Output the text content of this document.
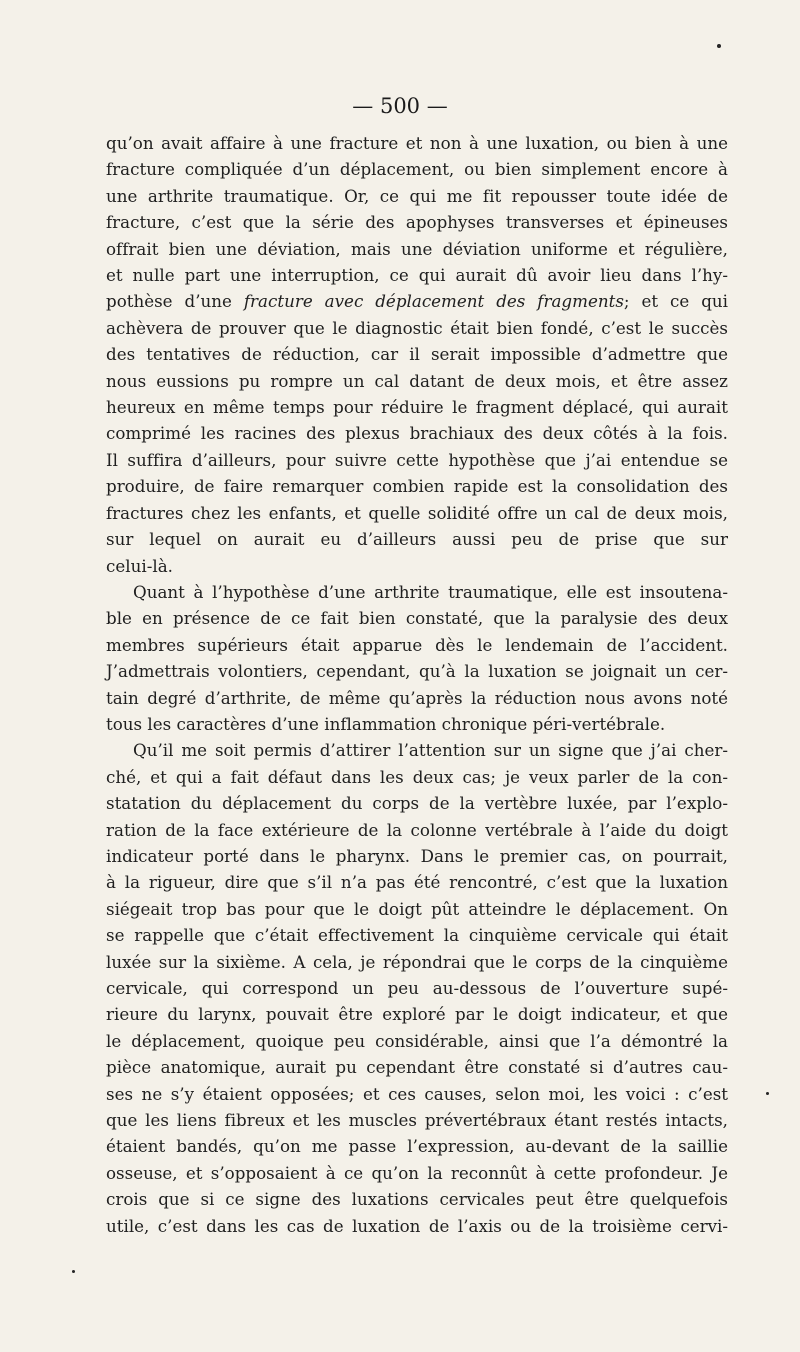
— 500 —
qu’on avait affaire à une fracture et non à une luxation, ou bien à une
fracture compliquée d’un déplacement, ou bien simplement encore à
une arthrite traumatique. Or, ce qui me fit repousser toute idée de
fracture, c’est que la série des apophyses transverses et épineuses
offrait bien une déviation, mais une déviation uniforme et régulière,
et nulle part une interruption, ce qui aurait dû avoir lieu dans l’hy-
pothèse d’une fracture avec déplacement des fragments; et ce qui
achèvera de prouver que le diagnostic était bien fondé, c’est le succès
des tentatives de réduction, car il serait impossible d’admettre que
nous eussions pu rompre un cal datant de deux mois, et être assez
heureux en même temps pour réduire le fragment déplacé, qui aurait
comprimé les racines des plexus brachiaux des deux côtés à la fois.
Il suffira d’ailleurs, pour suivre cette hypothèse que j’ai entendue se
produire, de faire remarquer combien rapide est la consolidation des
fractures chez les enfants, et quelle solidité offre un cal de deux mois,
sur lequel on aurait eu d’ailleurs aussi peu de prise que sur
celui-là.
Quant à l’hypothèse d’une arthrite traumatique, elle est insoutena-
ble en présence de ce fait bien constaté, que la paralysie des deux
membres supérieurs était apparue dès le lendemain de l’accident.
J’admettrais volontiers, cependant, qu’à la luxation se joignait un cer-
tain degré d’arthrite, de même qu’après la réduction nous avons noté
tous les caractères d’une inflammation chronique péri-vertébrale.
Qu’il me soit permis d’attirer l’attention sur un signe que j’ai cher-
ché, et qui a fait défaut dans les deux cas; je veux parler de la con-
statation du déplacement du corps de la vertèbre luxée, par l’explo-
ration de la face extérieure de la colonne vertébrale à l’aide du doigt
indicateur porté dans le pharynx. Dans le premier cas, on pourrait,
à la rigueur, dire que s’il n’a pas été rencontré, c’est que la luxation
siégeait trop bas pour que le doigt pût atteindre le déplacement. On
se rappelle que c’était effectivement la cinquième cervicale qui était
luxée sur la sixième. A cela, je répondrai que le corps de la cinquième
cervicale, qui correspond un peu au-dessous de l’ouverture supé-
rieure du larynx, pouvait être exploré par le doigt indicateur, et que
le déplacement, quoique peu considérable, ainsi que l’a démontré la
pièce anatomique, aurait pu cependant être constaté si d’autres cau-
ses ne s’y étaient opposées; et ces causes, selon moi, les voici : c’est
que les liens fibreux et les muscles prévertébraux étant restés intacts,
étaient bandés, qu’on me passe l’expression, au-devant de la saillie
osseuse, et s’opposaient à ce qu’on la reconnût à cette profondeur. Je
crois que si ce signe des luxations cervicales peut être quelquefois
utile, c’est dans les cas de luxation de l’axis ou de la troisième cervi-
